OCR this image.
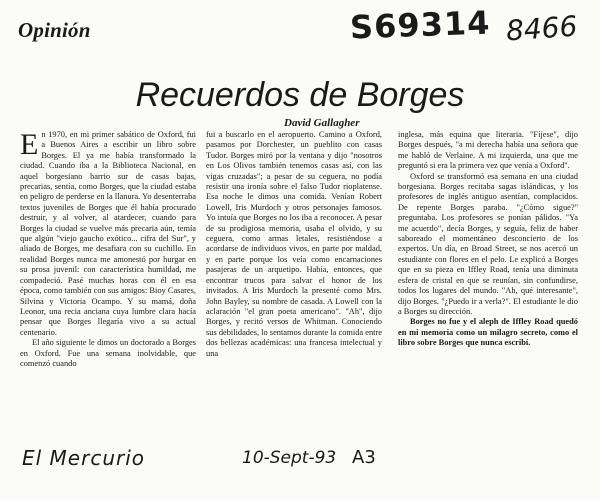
Opinión	S69314 8466
Recuerdos de Borges
David Gallagher

En 1970, en mi primer sabático de Oxford, fui a Buenos Aires a escribir un libro sobre Borges. El ya me había transformado la ciudad. Cuando iba a la Biblioteca Nacional, en aquel borgesiano barrio sur de casas bajas, precarias, sentía, como Borges, que la ciudad estaba en peligro de perderse en la llanura. Yo desenterraba textos juveniles de Borges que él había procurado destruir, y al volver, al atardecer, cuando para Borges la ciudad se vuelve más precaria aún, temía que algún "viejo gaucho exótico... cifra del Sur", y aliado de Borges, me desafiara con su cuchillo. En realidad Borges nunca me amonestó por hurgar en su prosa juvenil: con característica humildad, me compadeció. Pasé muchas horas con él en esa época, como también con sus amigos: Bioy Casares, Silvina y Victoria Ocampo. Y su mamá, doña Leonor, una recia anciana cuya lumbre clara hacía pensar que Borges llegaría vivo a su actual centenario.

El año siguiente le dimos un doctorado a Borges en Oxford. Fue una semana inolvidable, que comenzó cuando

fui a buscarlo en el aeropuerto. Camino a Oxford, pasamos por Dorchester, un pueblito con casas Tudor. Borges miró por la ventana y dijo "nosotros en Los Olivos también tenemos casas así, con las vigas cruzadas"; a pesar de su ceguera, no podía resistir una ironía sobre el falso Tudor rioplatense. Esa noche le dimos una comida. Venían Robert Lowell, Iris Murdoch y otros personajes famosos. Yo intuía que Borges no los iba a reconocer. A pesar de su prodigiosa memoria, usaba el olvido, y su ceguera, como armas letales, resistiéndose a acordarse de individuos vivos, en parte por maldad, y en parte porque los veía como encarnaciones pasajeras de un arquetipo. Había, entonces, que encontrar trucos para salvar el honor de los invitados. A Iris Murdoch la presenté como Mrs. John Bayley, su nombre de casada. A Lowell con la aclaración "el gran poeta americano". "Ah", dijo Borges, y recitó versos de Whitman. Conociendo sus debilidades, lo sentamos durante la comida entre dos bellezas académicas: una francesa intelectual y una

inglesa, más equina que literaria. "Fíjese", dijo Borges después, "a mi derecha había una señora que me habló de Verlaine. A mi izquierda, una que me preguntó si era la primera vez que venía a Oxford".

Oxford se transformó esa semana en una ciudad borgesiana. Borges recitaba sagas islándicas, y los profesores de inglés antiguo asentían, complacidos. De repente Borges paraba. "¿Cómo sigue?" preguntaba. Los profesores se ponían pálidos. "Ya me acuerdo", decía Borges, y seguía, feliz de haber saboreado el momentáneo desconcierto de los expertos. Un día, en Broad Street, se nos acercó un estudiante con flores en el pelo. Le explicó a Borges que en su pieza en Iffley Road, tenía una diminuta esfera de cristal en que se reunían, sin confundirse, todos los lugares del mundo. "Ah, qué interesante", dijo Borges. "¿Puedo ir a verla?". El estudiante le dio a Borges su dirección.

Borges no fue y el aleph de Iffley Road quedó en mi memoria como un milagro secreto, como el libro sobre Borges que nunca escribí.

El Mercurio	10-Sept-93 A3
